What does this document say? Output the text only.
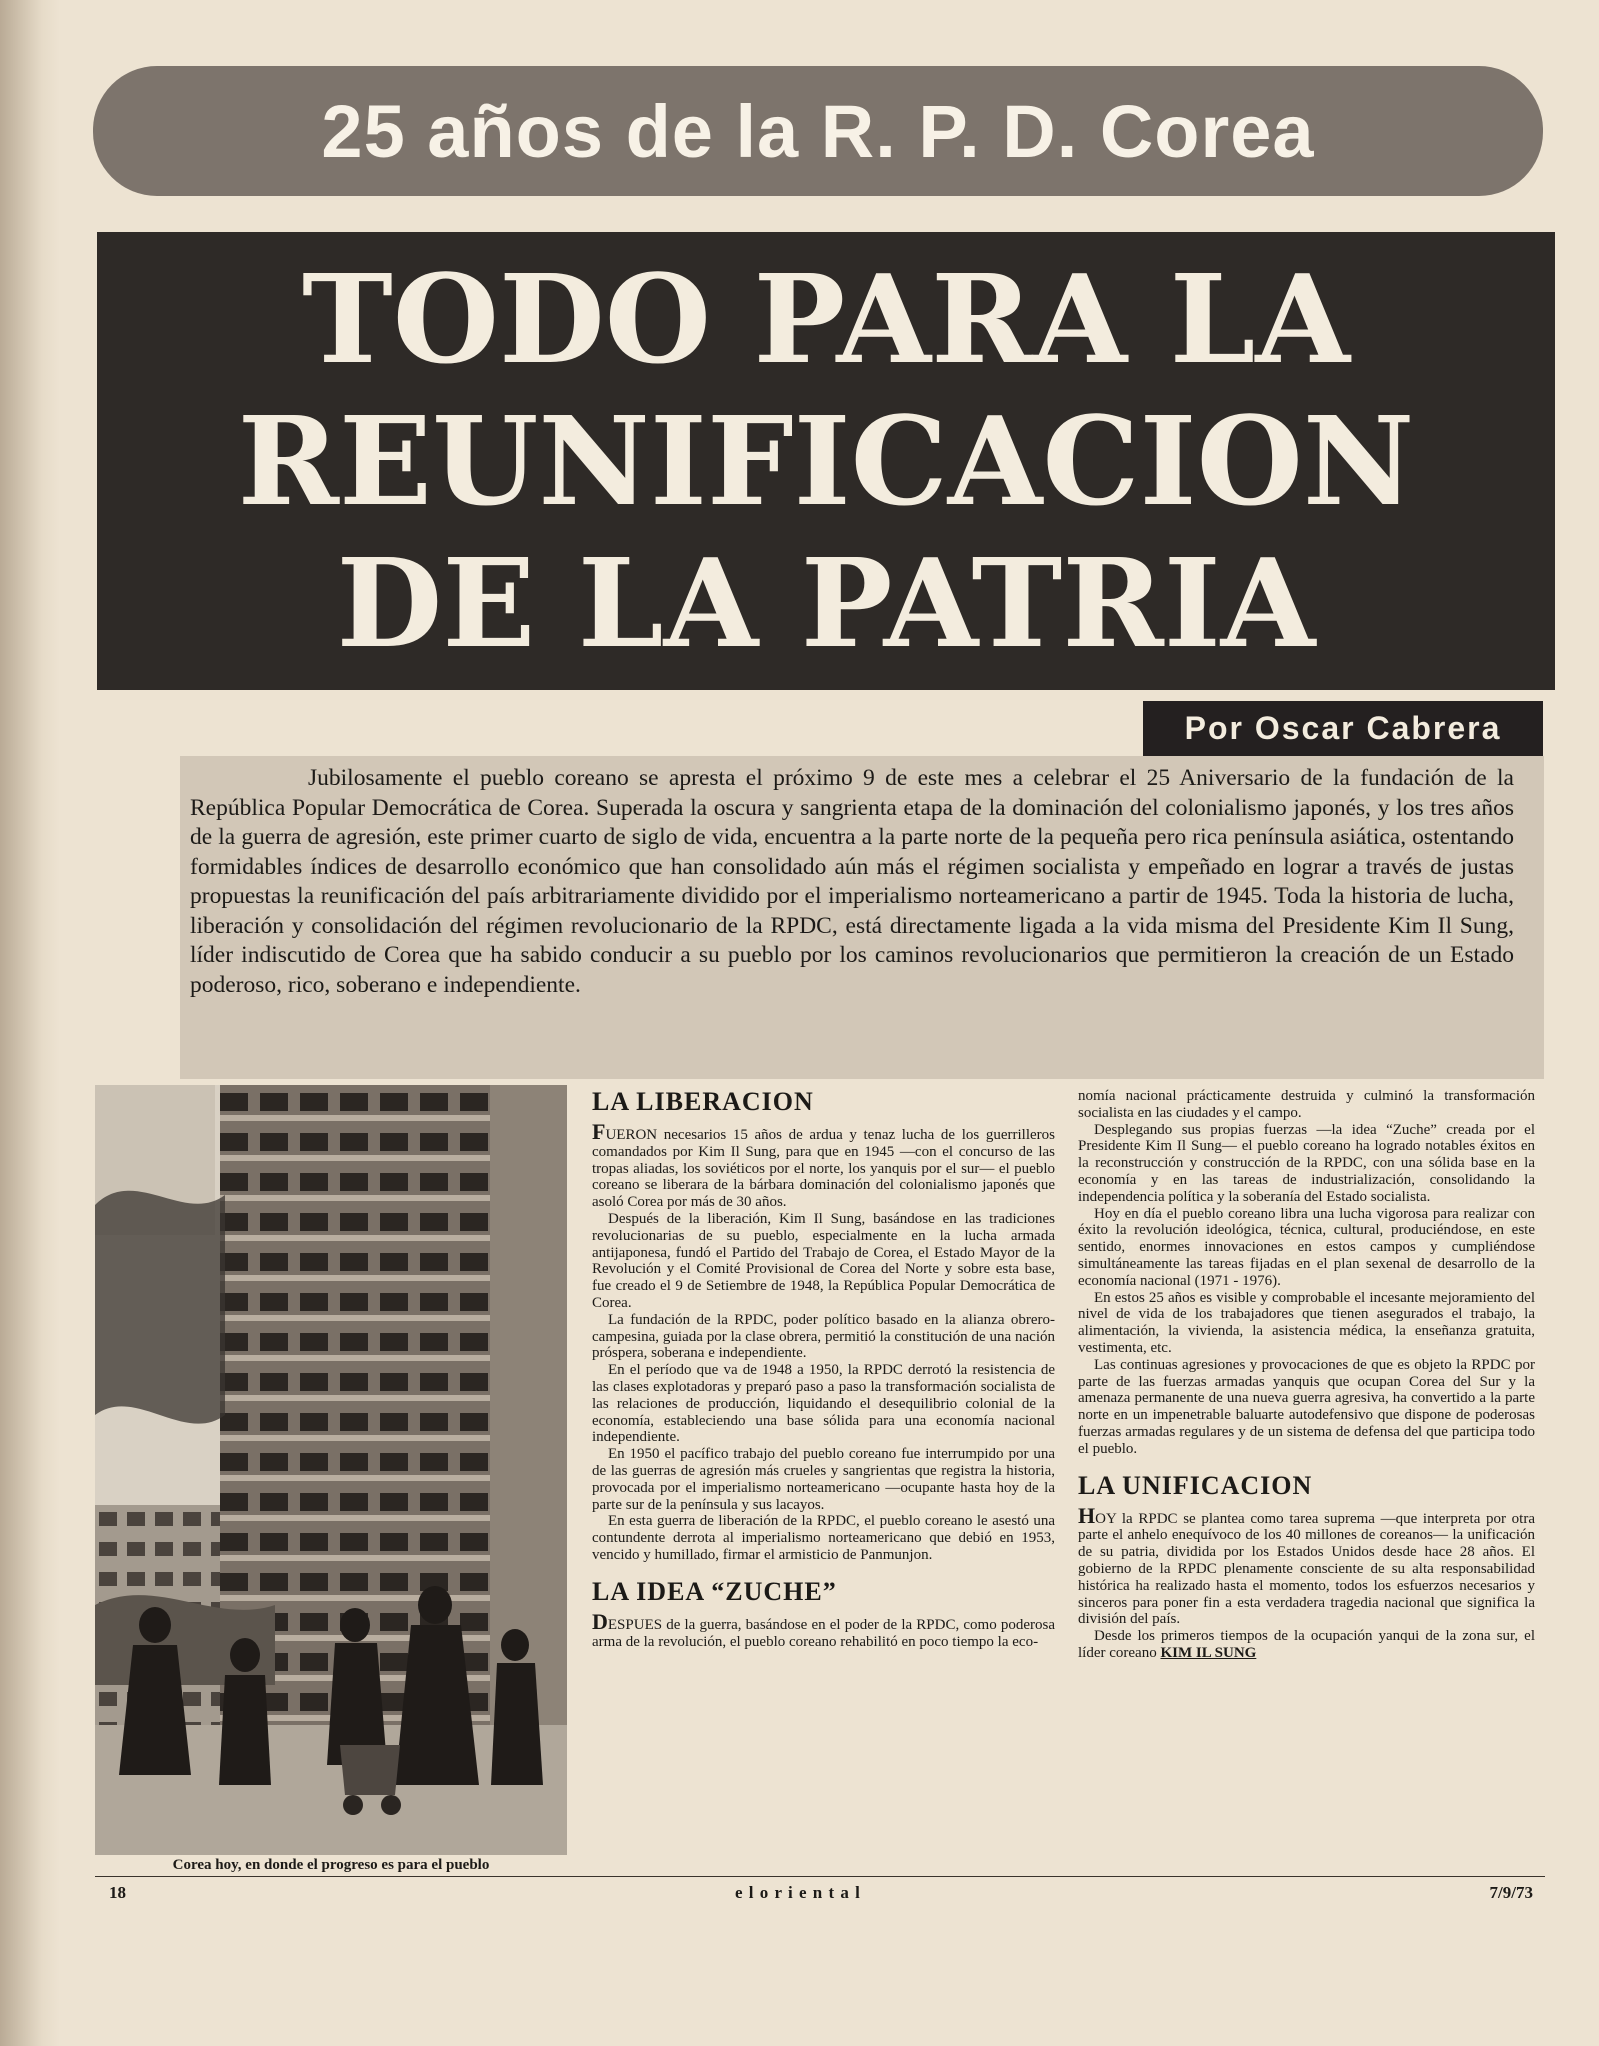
25 años de la R. P. D. Corea
TODO PARA LA
REUNIFICACION
DE LA PATRIA
Por Oscar Cabrera

Jubilosamente el pueblo coreano se apresta el próximo 9 de este mes a celebrar el 25 Aniversario de la fundación de la República Popular Democrática de Corea. Superada la oscura y sangrienta etapa de la dominación del colonialismo japonés, y los tres años de la guerra de agresión, este primer cuarto de siglo de vida, encuentra a la parte norte de la pequeña pero rica península asiática, ostentando formidables índices de desarrollo económico que han consolidado aún más el régimen socialista y empeñado en lograr a través de justas propuestas la reunificación del país arbitrariamente dividido por el imperialismo norteamericano a partir de 1945. Toda la historia de lucha, liberación y consolidación del régimen revolucionario de la RPDC, está directamente ligada a la vida misma del Presidente Kim Il Sung, líder indiscutido de Corea que ha sabido conducir a su pueblo por los caminos revolucionarios que permitieron la creación de un Estado poderoso, rico, soberano e independiente.

Corea hoy, en donde el progreso es para el pueblo
LA LIBERACION

FUERON necesarios 15 años de ardua y tenaz lucha de los guerrilleros comandados por Kim Il Sung, para que en 1945 —con el concurso de las tropas aliadas, los soviéticos por el norte, los yanquis por el sur— el pueblo coreano se liberara de la bárbara dominación del colonialismo japonés que asoló Corea por más de 30 años.

Después de la liberación, Kim Il Sung, basándose en las tradiciones revolucionarias de su pueblo, especialmente en la lucha armada antijaponesa, fundó el Partido del Trabajo de Corea, el Estado Mayor de la Revolución y el Comité Provisional de Corea del Norte y sobre esta base, fue creado el 9 de Setiembre de 1948, la República Popular Democrática de Corea.

La fundación de la RPDC, poder político basado en la alianza obrero-campesina, guiada por la clase obrera, permitió la constitución de una nación próspera, soberana e independiente.

En el período que va de 1948 a 1950, la RPDC derrotó la resistencia de las clases explotadoras y preparó paso a paso la transformación socialista de las relaciones de producción, liquidando el desequilibrio colonial de la economía, estableciendo una base sólida para una economía nacional independiente.

En 1950 el pacífico trabajo del pueblo coreano fue interrumpido por una de las guerras de agresión más crueles y sangrientas que registra la historia, provocada por el imperialismo norteamericano —ocupante hasta hoy de la parte sur de la península y sus lacayos.

En esta guerra de liberación de la RPDC, el pueblo coreano le asestó una contundente derrota al imperialismo norteamericano que debió en 1953, vencido y humillado, firmar el armisticio de Panmunjon.

LA IDEA “ZUCHE”

DESPUES de la guerra, basándose en el poder de la RPDC, como poderosa arma de la revolución, el pueblo coreano rehabilitó en poco tiempo la eco-

nomía nacional prácticamente destruida y culminó la transformación socialista en las ciudades y el campo.

Desplegando sus propias fuerzas —la idea “Zuche” creada por el Presidente Kim Il Sung— el pueblo coreano ha logrado notables éxitos en la reconstrucción y construcción de la RPDC, con una sólida base en la economía y en las tareas de industrialización, consolidando la independencia política y la soberanía del Estado socialista.

Hoy en día el pueblo coreano libra una lucha vigorosa para realizar con éxito la revolución ideológica, técnica, cultural, produciéndose, en este sentido, enormes innovaciones en estos campos y cumpliéndose simultáneamente las tareas fijadas en el plan sexenal de desarrollo de la economía nacional (1971 - 1976).

En estos 25 años es visible y comprobable el incesante mejoramiento del nivel de vida de los trabajadores que tienen asegurados el trabajo, la alimentación, la vivienda, la asistencia médica, la enseñanza gratuita, vestimenta, etc.

Las continuas agresiones y provocaciones de que es objeto la RPDC por parte de las fuerzas armadas yanquis que ocupan Corea del Sur y la amenaza permanente de una nueva guerra agresiva, ha convertido a la parte norte en un impenetrable baluarte autodefensivo que dispone de poderosas fuerzas armadas regulares y de un sistema de defensa del que participa todo el pueblo.

LA UNIFICACION

HOY la RPDC se plantea como tarea suprema —que interpreta por otra parte el anhelo enequívoco de los 40 millones de coreanos— la unificación de su patria, dividida por los Estados Unidos desde hace 28 años. El gobierno de la RPDC plenamente consciente de su alta responsabilidad histórica ha realizado hasta el momento, todos los esfuerzos necesarios y sinceros para poner fin a esta verdadera tragedia nacional que significa la división del país.

Desde los primeros tiempos de la ocupación yanqui de la zona sur, el líder coreano KIM IL SUNG

18	e l o r i e n t a l	7/9/73
